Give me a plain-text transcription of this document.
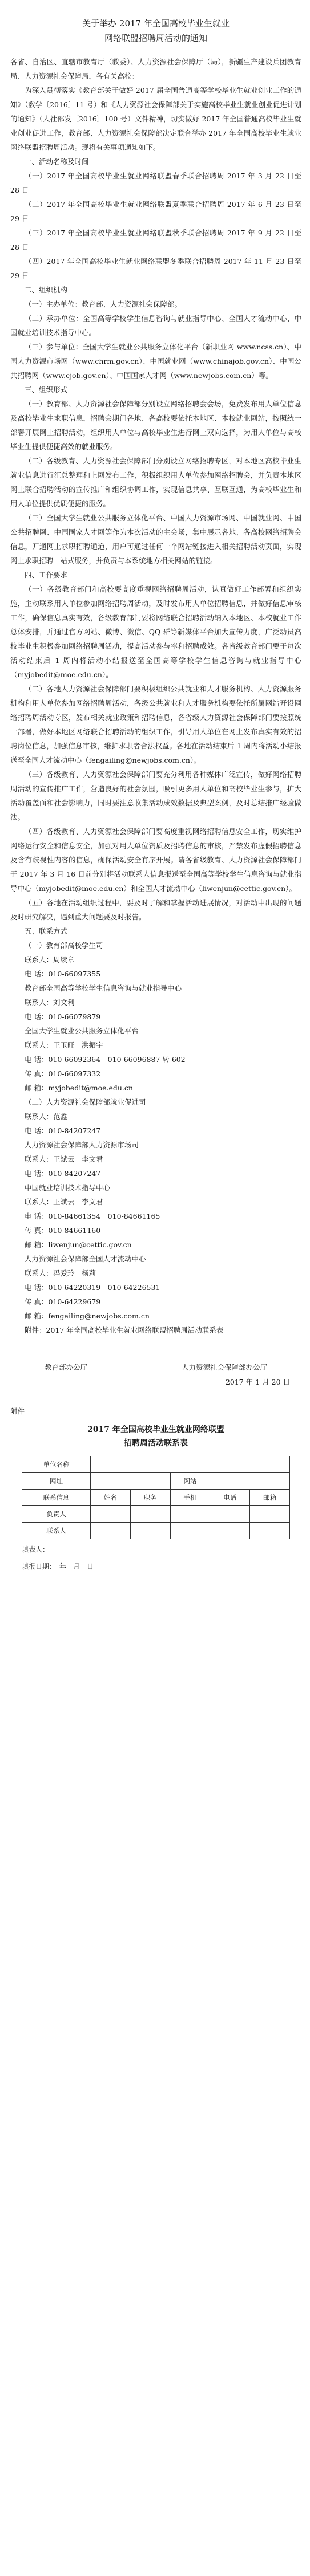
关于举办 2017 年全国高校毕业生就业
网络联盟招聘周活动的通知

各省、自治区、直辖市教育厅（教委）、人力资源社会保障厅（局），新疆生产建设兵团教育局、人力资源社会保障局，各有关高校：

为深入贯彻落实《教育部关于做好 2017 届全国普通高等学校毕业生就业创业工作的通知》（教学〔2016〕11 号）和《人力资源社会保障部关于实施高校毕业生就业创业促进计划的通知》（人社部发〔2016〕100 号）文件精神，切实做好 2017 年全国普通高校毕业生就业创业促进工作，教育部、人力资源社会保障部决定联合举办 2017 年全国高校毕业生就业网络联盟招聘周活动。现将有关事项通知如下。

一、活动名称及时间

（一）2017 年全国高校毕业生就业网络联盟春季联合招聘周 2017 年 3 月 22 日至 28 日

（二）2017 年全国高校毕业生就业网络联盟夏季联合招聘周 2017 年 6 月 23 日至 29 日

（三）2017 年全国高校毕业生就业网络联盟秋季联合招聘周 2017 年 9 月 22 日至 28 日

（四）2017 年全国高校毕业生就业网络联盟冬季联合招聘周 2017 年 11 月 23 日至 29 日

二、组织机构

（一）主办单位：教育部、人力资源社会保障部。

（二）承办单位：全国高等学校学生信息咨询与就业指导中心、全国人才流动中心、中国就业培训技术指导中心。

（三）参与单位：全国大学生就业公共服务立体化平台（新职业网 www.ncss.cn）、中国人力资源市场网（www.chrm.gov.cn）、中国就业网（www.chinajob.gov.cn）、中国公共招聘网（www.cjob.gov.cn）、中国国家人才网（www.newjobs.com.cn）等。

三、组织形式

（一）教育部、人力资源社会保障部分别设立网络招聘会会场，免费发布用人单位信息及高校毕业生求职信息，招聘会期间各地、各高校要依托本地区、本校就业网站，按照统一部署开展网上招聘活动，组织用人单位与高校毕业生进行网上双向选择，为用人单位与高校毕业生提供便捷高效的就业服务。

（二）各级教育、人力资源社会保障部门分别设立网络招聘专区，对本地区高校毕业生就业信息进行汇总整理和上网发布工作，积极组织用人单位参加网络招聘会，并负责本地区网上联合招聘活动的宣传推广和组织协调工作，实现信息共享、互联互通，为高校毕业生和用人单位提供优质便捷的服务。

（三）全国大学生就业公共服务立体化平台、中国人力资源市场网、中国就业网、中国公共招聘网、中国国家人才网等作为本次活动的主会场，集中展示各地、各高校网络招聘会信息，开通网上求职招聘通道，用户可通过任何一个网站链接进入相关招聘活动页面，实现网上求职招聘一站式服务，并负责与本系统地方相关网站的链接。

四、工作要求

（一）各级教育部门和高校要高度重视网络招聘周活动，认真做好工作部署和组织实施，主动联系用人单位参加网络招聘周活动，及时发布用人单位招聘信息，并做好信息审核工作，确保信息真实有效，各级教育部门要将网络联合招聘活动纳入本地区、本校就业工作总体安排，并通过官方网站、微博、微信、QQ 群等新媒体平台加大宣传力度，广泛动员高校毕业生积极参加网络招聘周活动，提高活动参与率和招聘成效。各省级教育部门要于每次活动结束后 1 周内将活动小结报送至全国高等学校学生信息咨询与就业指导中心（myjobedit@moe.edu.cn）。

（二）各地人力资源社会保障部门要积极组织公共就业和人才服务机构、人力资源服务机构和用人单位参加网络招聘周活动，各级公共就业和人才服务机构要依托所属网站开设网络招聘周活动专区，发布相关就业政策和招聘信息，各省级人力资源社会保障部门要按照统一部署，做好本地区网络联合招聘活动的组织工作，引导用人单位在网上发布真实有效的招聘岗位信息，加强信息审核，维护求职者合法权益。各地在活动结束后 1 周内将活动小结报送至全国人才流动中心（fengailing@newjobs.com.cn）。

（三）各级教育、人力资源社会保障部门要充分利用各种媒体广泛宣传，做好网络招聘周活动的宣传推广工作，营造良好的社会氛围，吸引更多用人单位和高校毕业生参与，扩大活动覆盖面和社会影响力，同时要注意收集活动成效数据及典型案例，及时总结推广经验做法。

（四）各级教育、人力资源社会保障部门要高度重视网络招聘信息安全工作，切实维护网络运行安全和信息安全，加强对用人单位资质及招聘信息的审核，严禁发布虚假招聘信息及含有歧视性内容的信息，确保活动安全有序开展。请各省级教育、人力资源社会保障部门于 2017 年 3 月 16 日前分别将活动联系人信息报送至全国高等学校学生信息咨询与就业指导中心（myjobedit@moe.edu.cn）和全国人才流动中心（liwenjun@cettic.gov.cn）。

（五）各地在活动组织过程中，要及时了解和掌握活动进展情况，对活动中出现的问题及时研究解决，遇到重大问题要及时报告。

五、联系方式

（一）教育部高校学生司

联系人：周续章

电 话：010-66097355

教育部全国高等学校学生信息咨询与就业指导中心

联系人：刘文利

电 话：010-66079879

全国大学生就业公共服务立体化平台

联系人：王玉旺　洪振宇

电 话：010-66092364　010-66096887 转 602

传 真：010-66097332

邮 箱：myjobedit@moe.edu.cn

（二）人力资源社会保障部就业促进司

联系人：范鑫

电 话：010-84207247

人力资源社会保障部人力资源市场司

联系人：王斌云　李文君

电 话：010-84207247

中国就业培训技术指导中心

联系人：王斌云　李文君

电 话：010-84661354　010-84661165

传 真：010-84661160

邮 箱：liwenjun@cettic.gov.cn

人力资源社会保障部全国人才流动中心

联系人：冯爱玲　杨莉

电 话：010-64220319　010-64226531

传 真：010-64229679

邮 箱：fengailing@newjobs.com.cn

附件：2017 年全国高校毕业生就业网络联盟招聘周活动联系表

教育部办公厅	人力资源社会保障部办公厅

2017 年 1 月 20 日

附件

2017 年全国高校毕业生就业网络联盟
招聘周活动联系表
单位名称					
网址			网站		
联系信息	姓名	职务	手机	电话	邮箱
负责人					
联系人					

填表人：

填报日期：　年　月　日
